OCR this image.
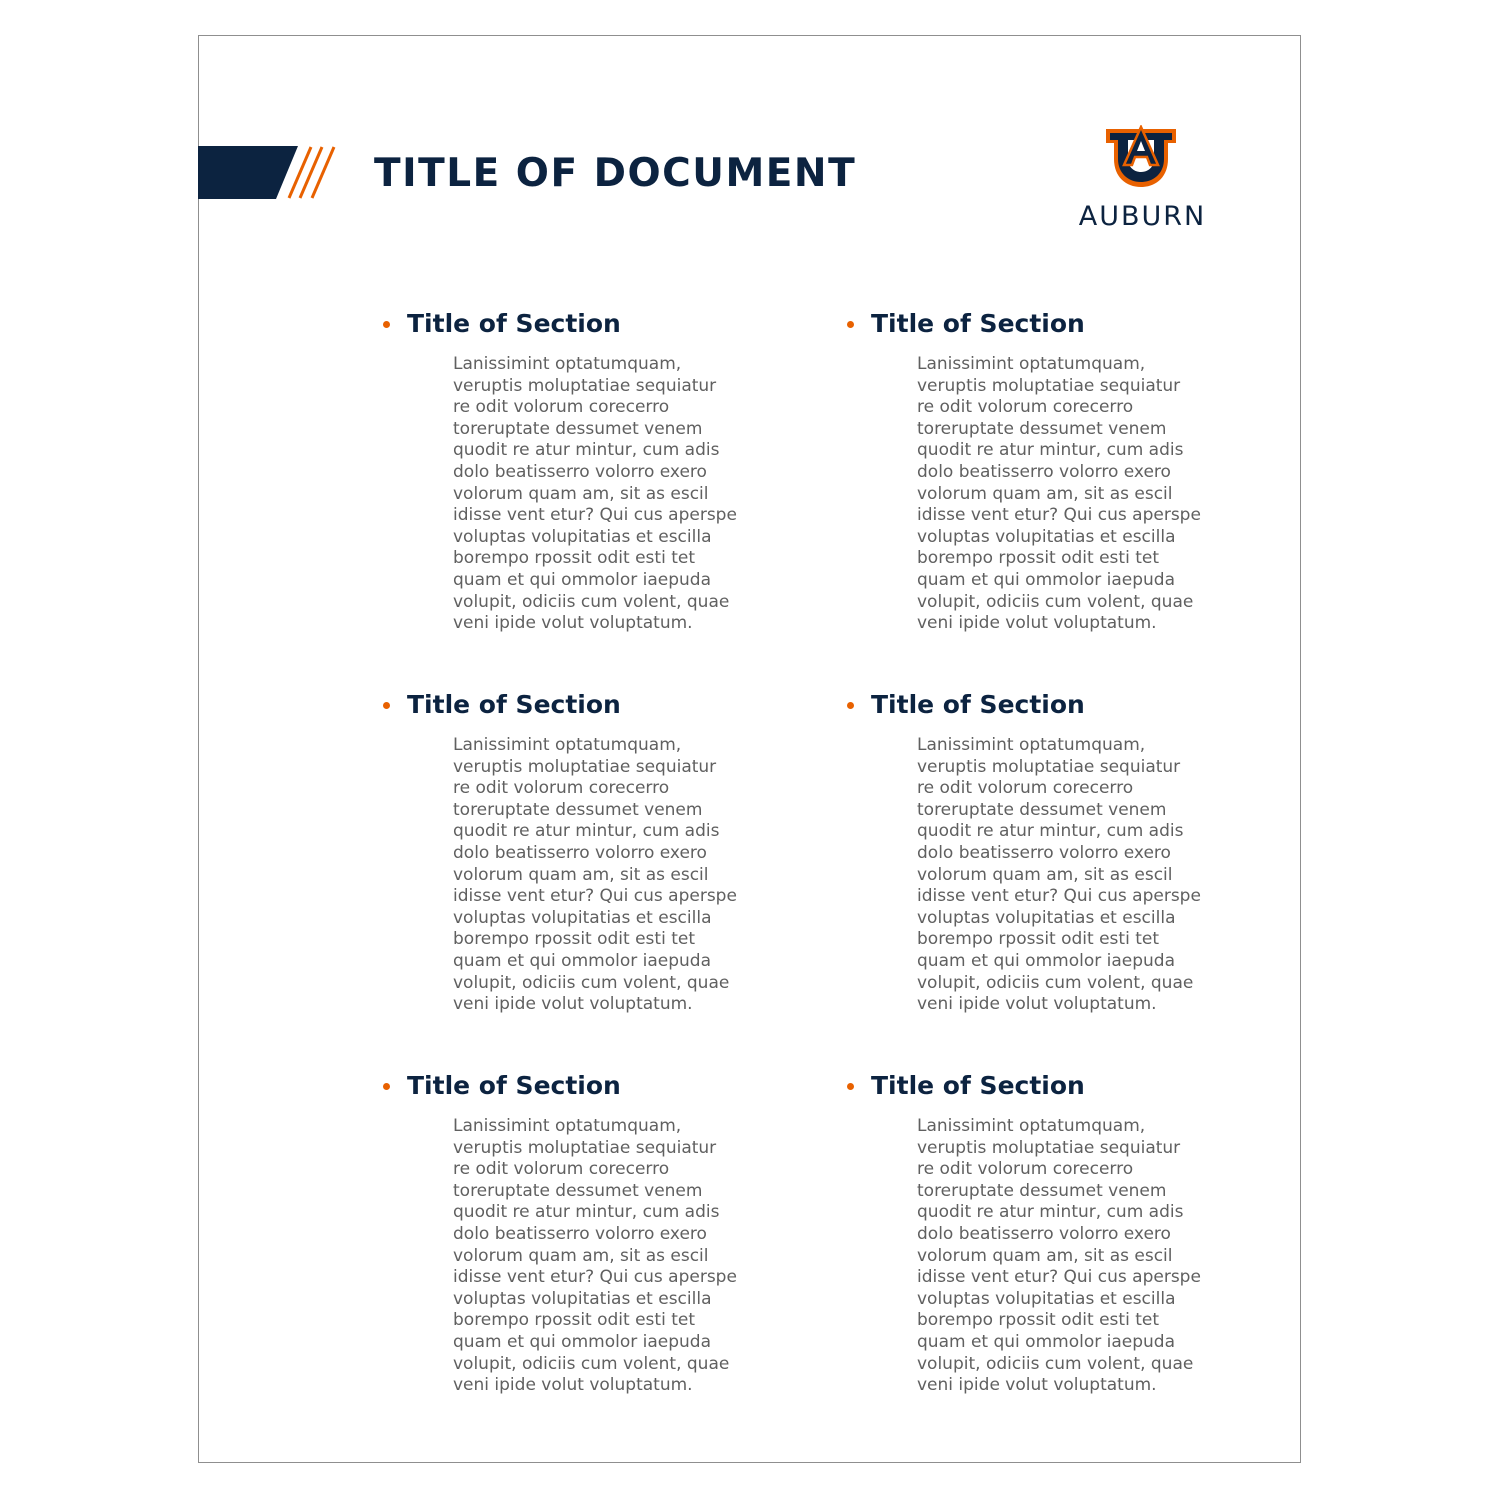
TITLE OF DOCUMENT
AUBURN
Title of Section

Lanissimint optatumquam,
veruptis moluptatiae sequiatur
re odit volorum corecerro
toreruptate dessumet venem
quodit re atur mintur, cum adis
dolo beatisserro volorro exero
volorum quam am, sit as escil
idisse vent etur? Qui cus aperspe
voluptas volupitatias et escilla
borempo rpossit odit esti tet
quam et qui ommolor iaepuda
volupit, odiciis cum volent, quae
veni ipide volut voluptatum.

Title of Section

Lanissimint optatumquam,
veruptis moluptatiae sequiatur
re odit volorum corecerro
toreruptate dessumet venem
quodit re atur mintur, cum adis
dolo beatisserro volorro exero
volorum quam am, sit as escil
idisse vent etur? Qui cus aperspe
voluptas volupitatias et escilla
borempo rpossit odit esti tet
quam et qui ommolor iaepuda
volupit, odiciis cum volent, quae
veni ipide volut voluptatum.

Title of Section

Lanissimint optatumquam,
veruptis moluptatiae sequiatur
re odit volorum corecerro
toreruptate dessumet venem
quodit re atur mintur, cum adis
dolo beatisserro volorro exero
volorum quam am, sit as escil
idisse vent etur? Qui cus aperspe
voluptas volupitatias et escilla
borempo rpossit odit esti tet
quam et qui ommolor iaepuda
volupit, odiciis cum volent, quae
veni ipide volut voluptatum.

Title of Section

Lanissimint optatumquam,
veruptis moluptatiae sequiatur
re odit volorum corecerro
toreruptate dessumet venem
quodit re atur mintur, cum adis
dolo beatisserro volorro exero
volorum quam am, sit as escil
idisse vent etur? Qui cus aperspe
voluptas volupitatias et escilla
borempo rpossit odit esti tet
quam et qui ommolor iaepuda
volupit, odiciis cum volent, quae
veni ipide volut voluptatum.

Title of Section

Lanissimint optatumquam,
veruptis moluptatiae sequiatur
re odit volorum corecerro
toreruptate dessumet venem
quodit re atur mintur, cum adis
dolo beatisserro volorro exero
volorum quam am, sit as escil
idisse vent etur? Qui cus aperspe
voluptas volupitatias et escilla
borempo rpossit odit esti tet
quam et qui ommolor iaepuda
volupit, odiciis cum volent, quae
veni ipide volut voluptatum.

Title of Section

Lanissimint optatumquam,
veruptis moluptatiae sequiatur
re odit volorum corecerro
toreruptate dessumet venem
quodit re atur mintur, cum adis
dolo beatisserro volorro exero
volorum quam am, sit as escil
idisse vent etur? Qui cus aperspe
voluptas volupitatias et escilla
borempo rpossit odit esti tet
quam et qui ommolor iaepuda
volupit, odiciis cum volent, quae
veni ipide volut voluptatum.
